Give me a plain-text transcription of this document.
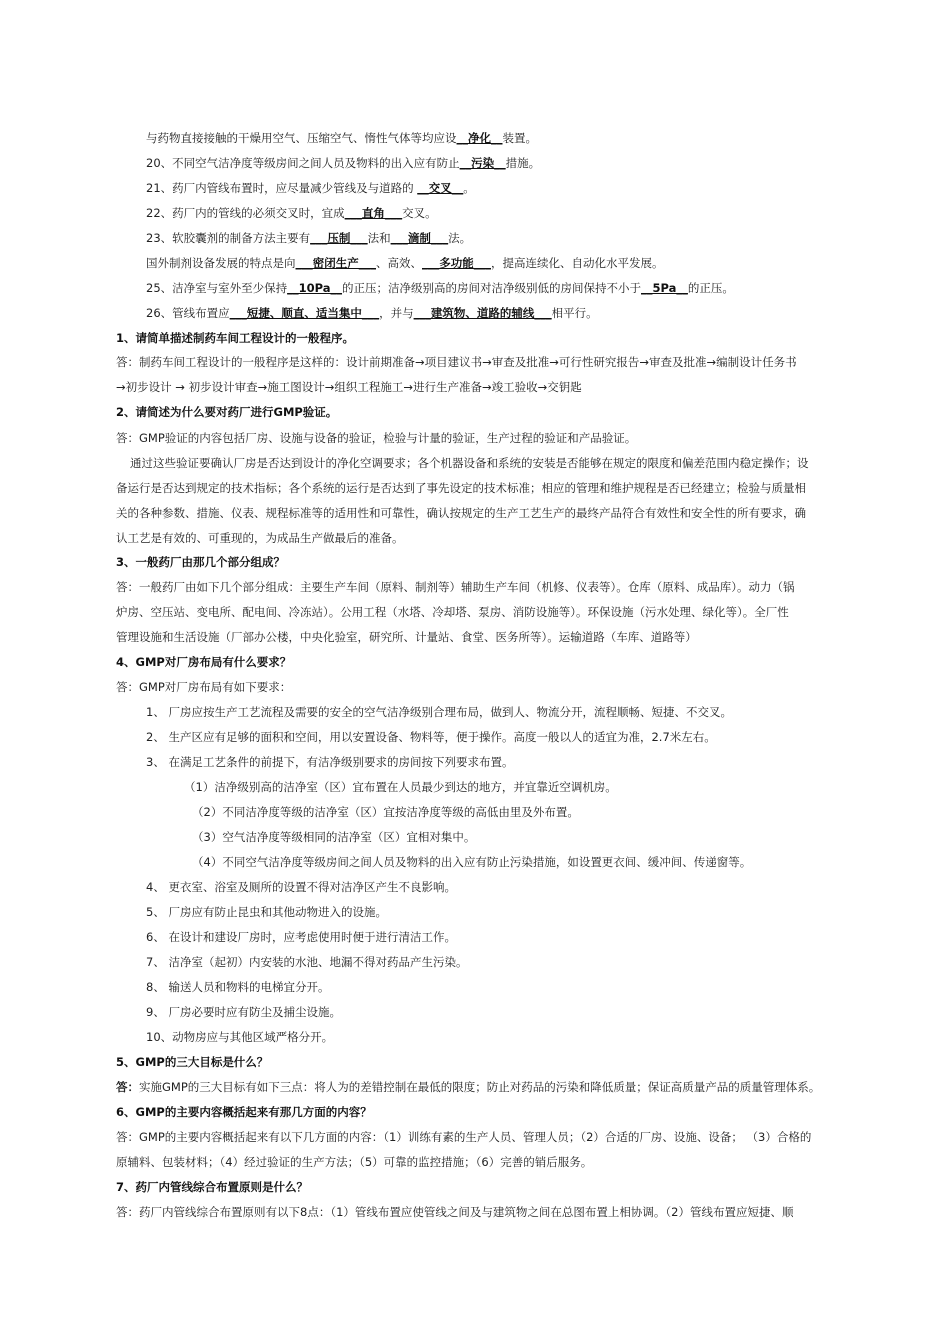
与药物直接接触的干燥用空气、压缩空气、惰性气体等均应设__净化__装置。
20、不同空气洁净度等级房间之间人员及物料的出入应有防止__污染__措施。
21、药厂内管线布置时，应尽量减少管线及与道路的 __交叉__。
22、药厂内的管线的必须交叉时，宜成___直角___交叉。
23、软胶囊剂的制备方法主要有___压制___法和___滴制___法。
国外制剂设备发展的特点是向___密闭生产___、高效、___多功能___，提高连续化、自动化水平发展。
25、洁净室与室外至少保持__10Pa__的正压；洁净级别高的房间对洁净级别低的房间保持不小于__5Pa__的正压。
26、管线布置应___短捷、顺直、适当集中___，并与___建筑物、道路的辅线___相平行。
1、请简单描述制药车间工程设计的一般程序。
答：制药车间工程设计的一般程序是这样的：设计前期准备→项目建议书→审查及批准→可行性研究报告→审查及批准→编制设计任务书
→初步设计 → 初步设计审查→施工图设计→组织工程施工→进行生产准备→竣工验收→交钥匙
2、请简述为什么要对药厂进行GMP验证。
答：GMP验证的内容包括厂房、设施与设备的验证，检验与计量的验证，生产过程的验证和产品验证。
通过这些验证要确认厂房是否达到设计的净化空调要求；各个机器设备和系统的安装是否能够在规定的限度和偏差范围内稳定操作；设
备运行是否达到规定的技术指标；各个系统的运行是否达到了事先设定的技术标准；相应的管理和维护规程是否已经建立；检验与质量相
关的各种参数、措施、仪表、规程标准等的适用性和可靠性，确认按规定的生产工艺生产的最终产品符合有效性和安全性的所有要求，确
认工艺是有效的、可重现的，为成品生产做最后的准备。
3、一般药厂由那几个部分组成？
答：一般药厂由如下几个部分组成：主要生产车间（原料、制剂等）辅助生产车间（机修、仪表等）。仓库（原料、成品库）。动力（锅
炉房、空压站、变电所、配电间、冷冻站）。公用工程（水塔、冷却塔、泵房、消防设施等）。环保设施（污水处理、绿化等）。全厂性
管理设施和生活设施（厂部办公楼，中央化验室，研究所、计量站、食堂、医务所等）。运输道路（车库、道路等）
4、GMP对厂房布局有什么要求？
答：GMP对厂房布局有如下要求：
1、 厂房应按生产工艺流程及需要的安全的空气洁净级别合理布局，做到人、物流分开，流程顺畅、短捷、不交叉。
2、 生产区应有足够的面积和空间，用以安置设备、物料等，便于操作。高度一般以人的适宜为准，2.7米左右。
3、 在满足工艺条件的前提下，有洁净级别要求的房间按下列要求布置。
（1）洁净级别高的洁净室（区）宜布置在人员最少到达的地方，并宜靠近空调机房。
（2）不同洁净度等级的洁净室（区）宜按洁净度等级的高低由里及外布置。
（3）空气洁净度等级相同的洁净室（区）宜相对集中。
（4）不同空气洁净度等级房间之间人员及物料的出入应有防止污染措施，如设置更衣间、缓冲间、传递窗等。
4、 更衣室、浴室及厕所的设置不得对洁净区产生不良影响。
5、 厂房应有防止昆虫和其他动物进入的设施。
6、 在设计和建设厂房时，应考虑使用时便于进行清洁工作。
7、 洁净室（起初）内安装的水池、地漏不得对药品产生污染。
8、 输送人员和物料的电梯宜分开。
9、 厂房必要时应有防尘及捕尘设施。
10、动物房应与其他区域严格分开。
5、GMP的三大目标是什么？
答：实施GMP的三大目标有如下三点：将人为的差错控制在最低的限度；防止对药品的污染和降低质量；保证高质量产品的质量管理体系。
6、GMP的主要内容概括起来有那几方面的内容？
答：GMP的主要内容概括起来有以下几方面的内容：（1）训练有素的生产人员、管理人员；（2）合适的厂房、设施、设备； （3）合格的
原辅料、包装材料；（4）经过验证的生产方法；（5）可靠的监控措施；（6）完善的销后服务。
7、药厂内管线综合布置原则是什么？
答：药厂内管线综合布置原则有以下8点：（1）管线布置应使管线之间及与建筑物之间在总图布置上相协调。（2）管线布置应短捷、顺
